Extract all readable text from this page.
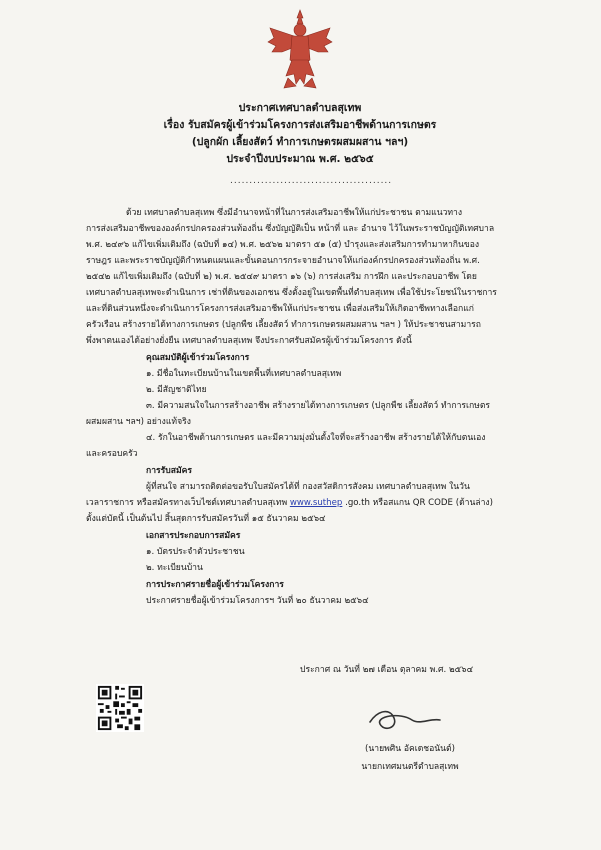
ประกาศเทศบาลตำบลสุเทพ
เรื่อง รับสมัครผู้เข้าร่วมโครงการส่งเสริมอาชีพด้านการเกษตร
(ปลูกผัก เลี้ยงสัตว์ ทำการเกษตรผสมผสาน ฯลฯ)
ประจำปีงบประมาณ พ.ศ. ๒๕๖๕
..........................................
ด้วย เทศบาลตำบลสุเทพ ซึ่งมีอำนาจหน้าที่ในการส่งเสริมอาชีพให้แก่ประชาชน ตามแนวทาง
การส่งเสริมอาชีพขององค์กรปกครองส่วนท้องถิ่น ซึ่งบัญญัติเป็น หน้าที่ และ อำนาจ ไว้ในพระราชบัญญัติเทศบาล
พ.ศ. ๒๔๙๖ แก้ไขเพิ่มเติมถึง (ฉบับที่ ๑๔) พ.ศ. ๒๕๖๒ มาตรา ๕๑ (๕) บำรุงและส่งเสริมการทำมาหากินของ
ราษฎร และพระราชบัญญัติกำหนดแผนและขั้นตอนการกระจายอำนาจให้แก่องค์กรปกครองส่วนท้องถิ่น พ.ศ.
๒๕๔๒ แก้ไขเพิ่มเติมถึง (ฉบับที่ ๒) พ.ศ. ๒๕๔๙ มาตรา ๑๖ (๖) การส่งเสริม การฝึก และประกอบอาชีพ โดย
เทศบาลตำบลสุเทพจะดำเนินการ เช่าที่ดินของเอกชน ซึ่งตั้งอยู่ในเขตพื้นที่ตำบลสุเทพ เพื่อใช้ประโยชน์ในราชการ
และที่ดินส่วนหนึ่งจะดำเนินการโครงการส่งเสริมอาชีพให้แก่ประชาชน เพื่อส่งเสริมให้เกิดอาชีพทางเลือกแก่
ครัวเรือน สร้างรายได้ทางการเกษตร (ปลูกพืช เลี้ยงสัตว์ ทำการเกษตรผสมผสาน ฯลฯ ) ให้ประชาชนสามารถ
พึ่งพาตนเองได้อย่างยั่งยืน เทศบาลตำบลสุเทพ จึงประกาศรับสมัครผู้เข้าร่วมโครงการ ดังนี้
คุณสมบัติผู้เข้าร่วมโครงการ
๑. มีชื่อในทะเบียนบ้านในเขตพื้นที่เทศบาลตำบลสุเทพ
๒. มีสัญชาติไทย
๓. มีความสนใจในการสร้างอาชีพ สร้างรายได้ทางการเกษตร (ปลูกพืช เลี้ยงสัตว์ ทำการเกษตร
ผสมผสาน ฯลฯ) อย่างแท้จริง
๔. รักในอาชีพด้านการเกษตร และมีความมุ่งมั่นตั้งใจที่จะสร้างอาชีพ สร้างรายได้ให้กับตนเอง
และครอบครัว
การรับสมัคร
ผู้ที่สนใจ สามารถติดต่อขอรับใบสมัครได้ที่ กองสวัสดิการสังคม เทศบาลตำบลสุเทพ ในวัน
เวลาราชการ หรือสมัครทางเว็บไซต์เทศบาลตำบลสุเทพ www.suthep .go.th หรือสแกน QR CODE (ด้านล่าง)
ตั้งแต่บัดนี้ เป็นต้นไป สิ้นสุดการรับสมัครวันที่ ๑๕ ธันวาคม ๒๕๖๔
เอกสารประกอบการสมัคร
๑. บัตรประจำตัวประชาชน
๒. ทะเบียนบ้าน
การประกาศรายชื่อผู้เข้าร่วมโครงการ
ประกาศรายชื่อผู้เข้าร่วมโครงการฯ วันที่ ๒๐ ธันวาคม ๒๕๖๔
ประกาศ ณ วันที่ ๒๗ เดือน ตุลาคม พ.ศ. ๒๕๖๔
(นายพศิน อัคเดชอนันต์)
นายกเทศมนตรีตำบลสุเทพ
